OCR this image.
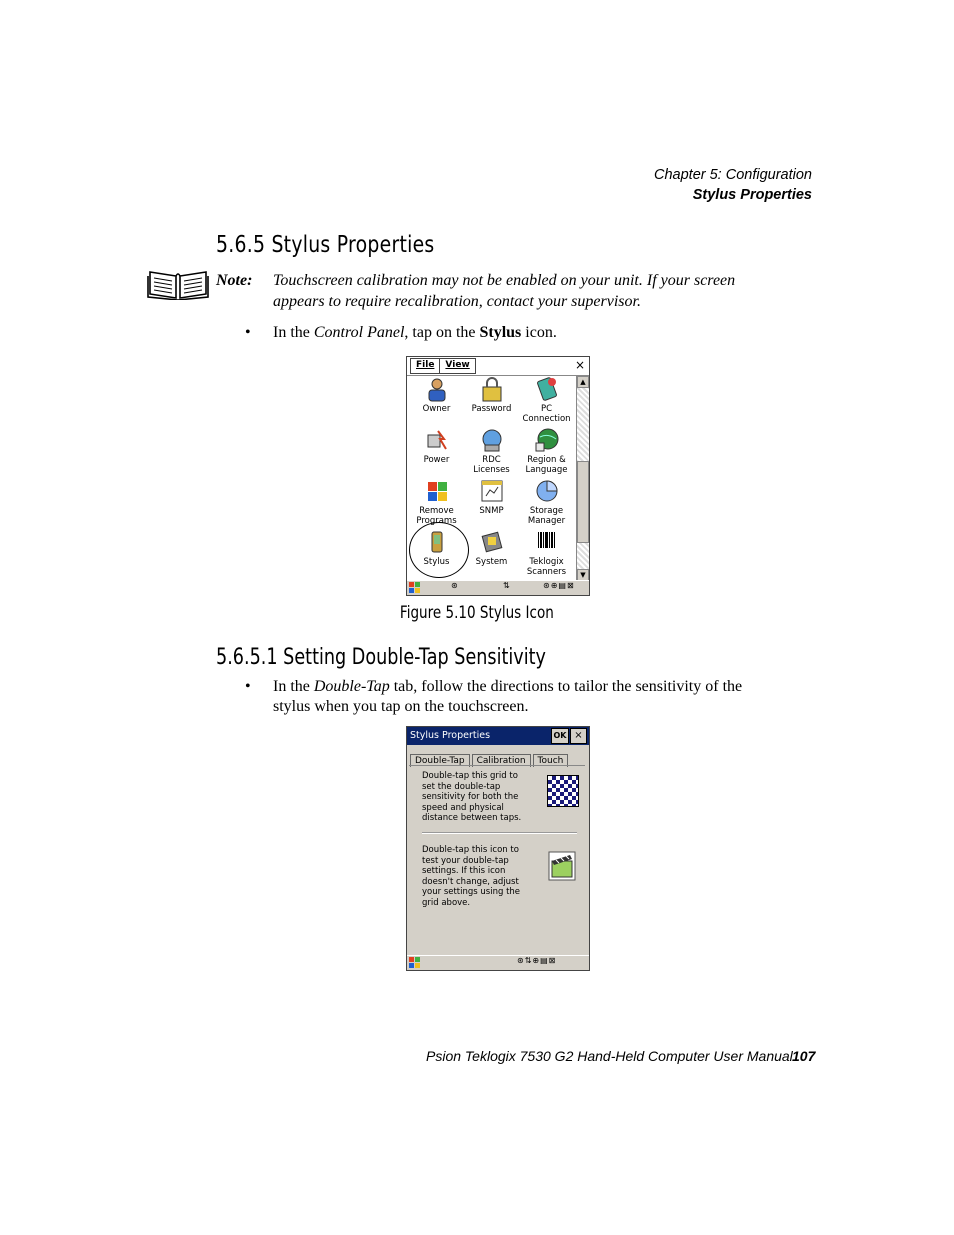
Chapter 5: Configuration
Stylus Properties
5.6.5 Stylus Properties
Note: Touchscreen calibration may not be enabled on your unit. If your screen
appears to require recalibration, contact your supervisor.
• In the Control Panel, tap on the Stylus icon.
File	View	×
Owner	Password	PC
Connection
Power	RDC
Licenses
Region &
Language
Remove
Programs
SNMP	Storage
Manager
Stylus	System	Teklogix
Scanners
▲
▼
⊛	⇅	⊛⊕▤⊠
Figure 5.10 Stylus Icon
5.6.5.1 Setting Double-Tap Sensitivity
• In the Double-Tap tab, follow the directions to tailor the sensitivity of the
stylus when you tap on the touchscreen.
Stylus Properties	OK ×
Double-Tap Calibration Touch
Double-tap this grid to
set the double-tap
sensitivity for both the
speed and physical
distance between taps.
Double-tap this icon to
test your double-tap
settings. If this icon
doesn't change, adjust
your settings using the
grid above.
⊛⇅⊕▤⊠
Psion Teklogix 7530 G2 Hand-Held Computer User Manual 107
